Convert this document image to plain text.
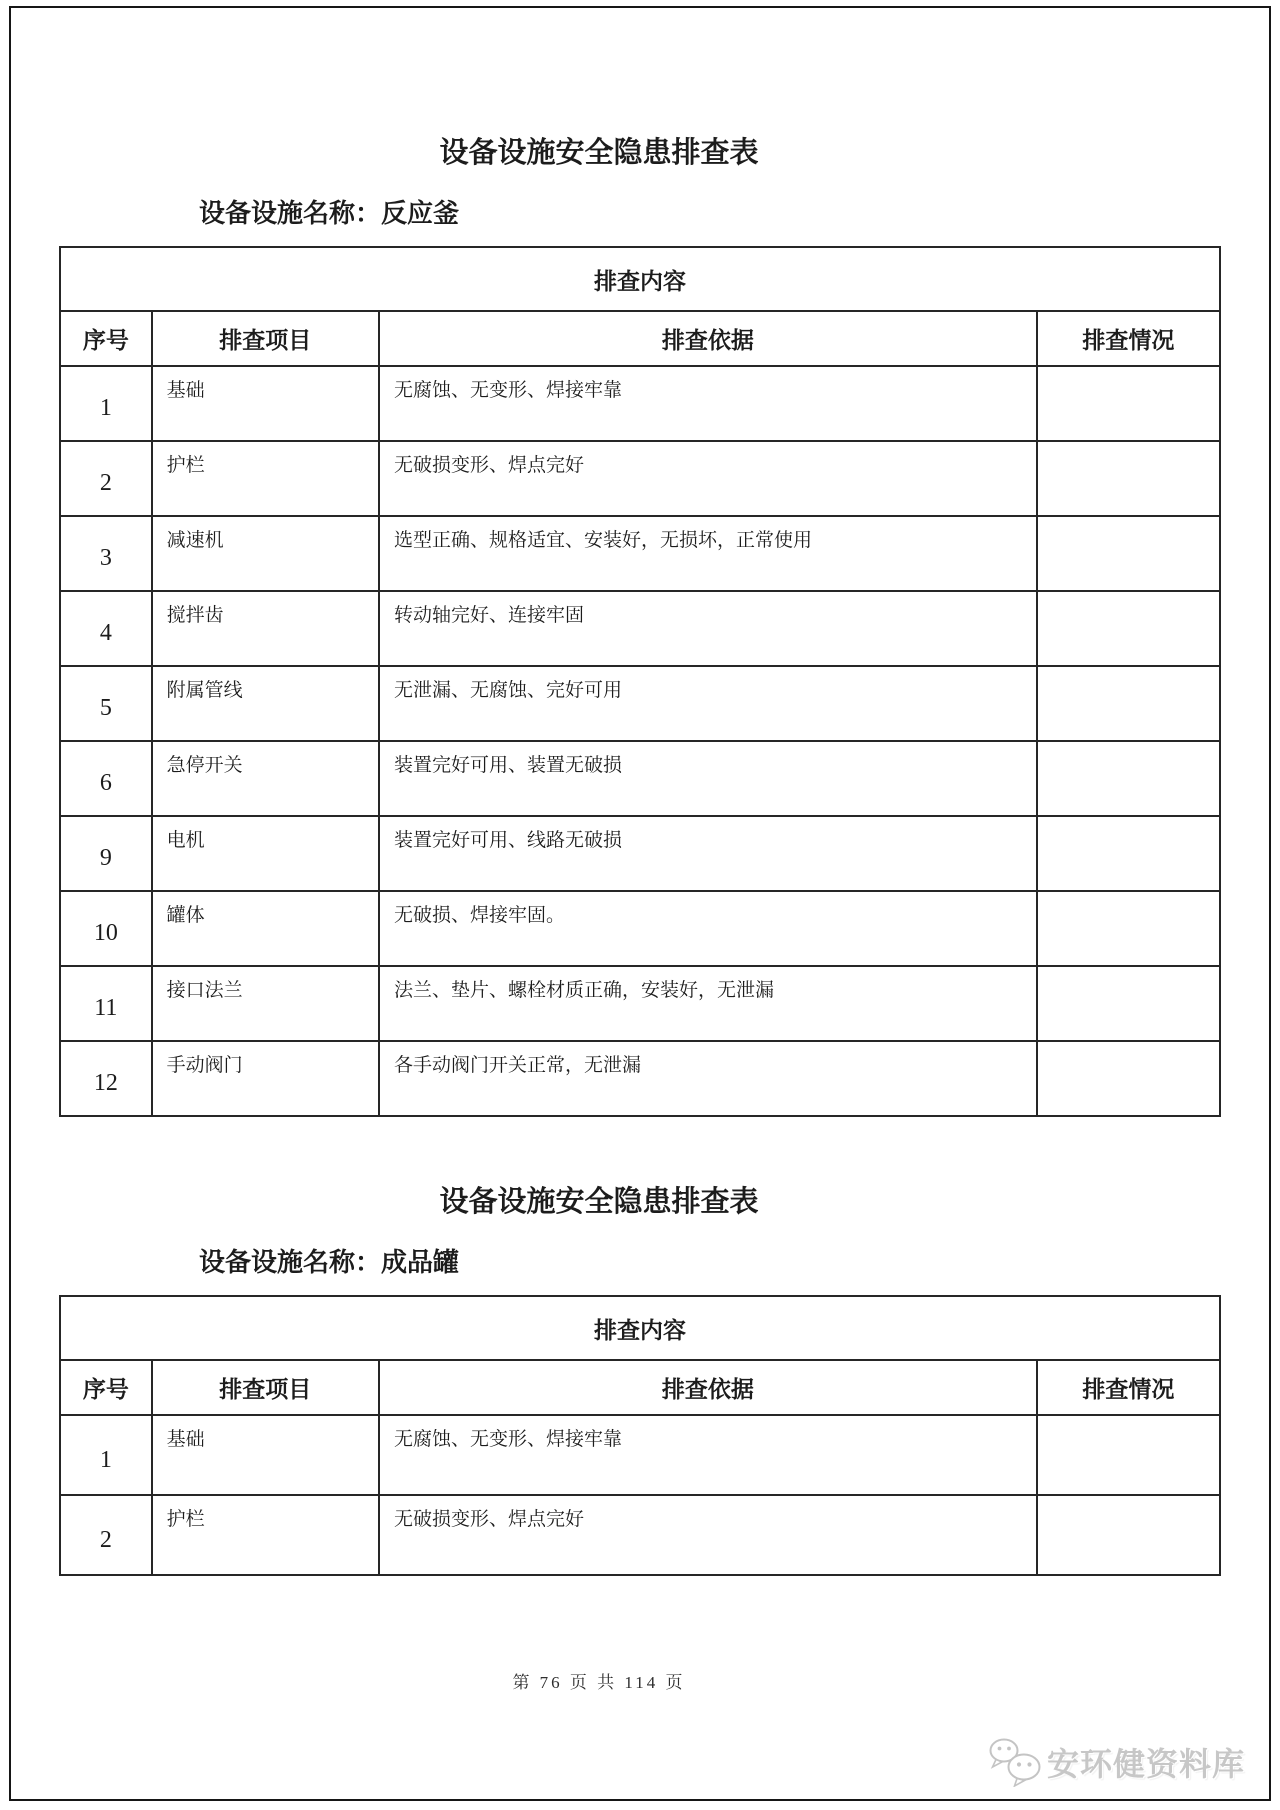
设备设施安全隐患排查表
设备设施名称：反应釜
排查内容			
序号	排查项目	排查依据	排查情况
1	基础	无腐蚀、无变形、焊接牢靠	
2	护栏	无破损变形、焊点完好	
3	减速机	选型正确、规格适宜、安装好，无损坏，正常使用	
4	搅拌齿	转动轴完好、连接牢固	
5	附属管线	无泄漏、无腐蚀、完好可用	
6	急停开关	装置完好可用、装置无破损	
9	电机	装置完好可用、线路无破损	
10	罐体	无破损、焊接牢固。	
11	接口法兰	法兰、垫片、螺栓材质正确，安装好，无泄漏	
12	手动阀门	各手动阀门开关正常，无泄漏	
设备设施安全隐患排查表
设备设施名称：成品罐
排查内容			
序号	排查项目	排查依据	排查情况
1	基础	无腐蚀、无变形、焊接牢靠	
2	护栏	无破损变形、焊点完好	
第 76 页 共 114 页
安环健资料库
